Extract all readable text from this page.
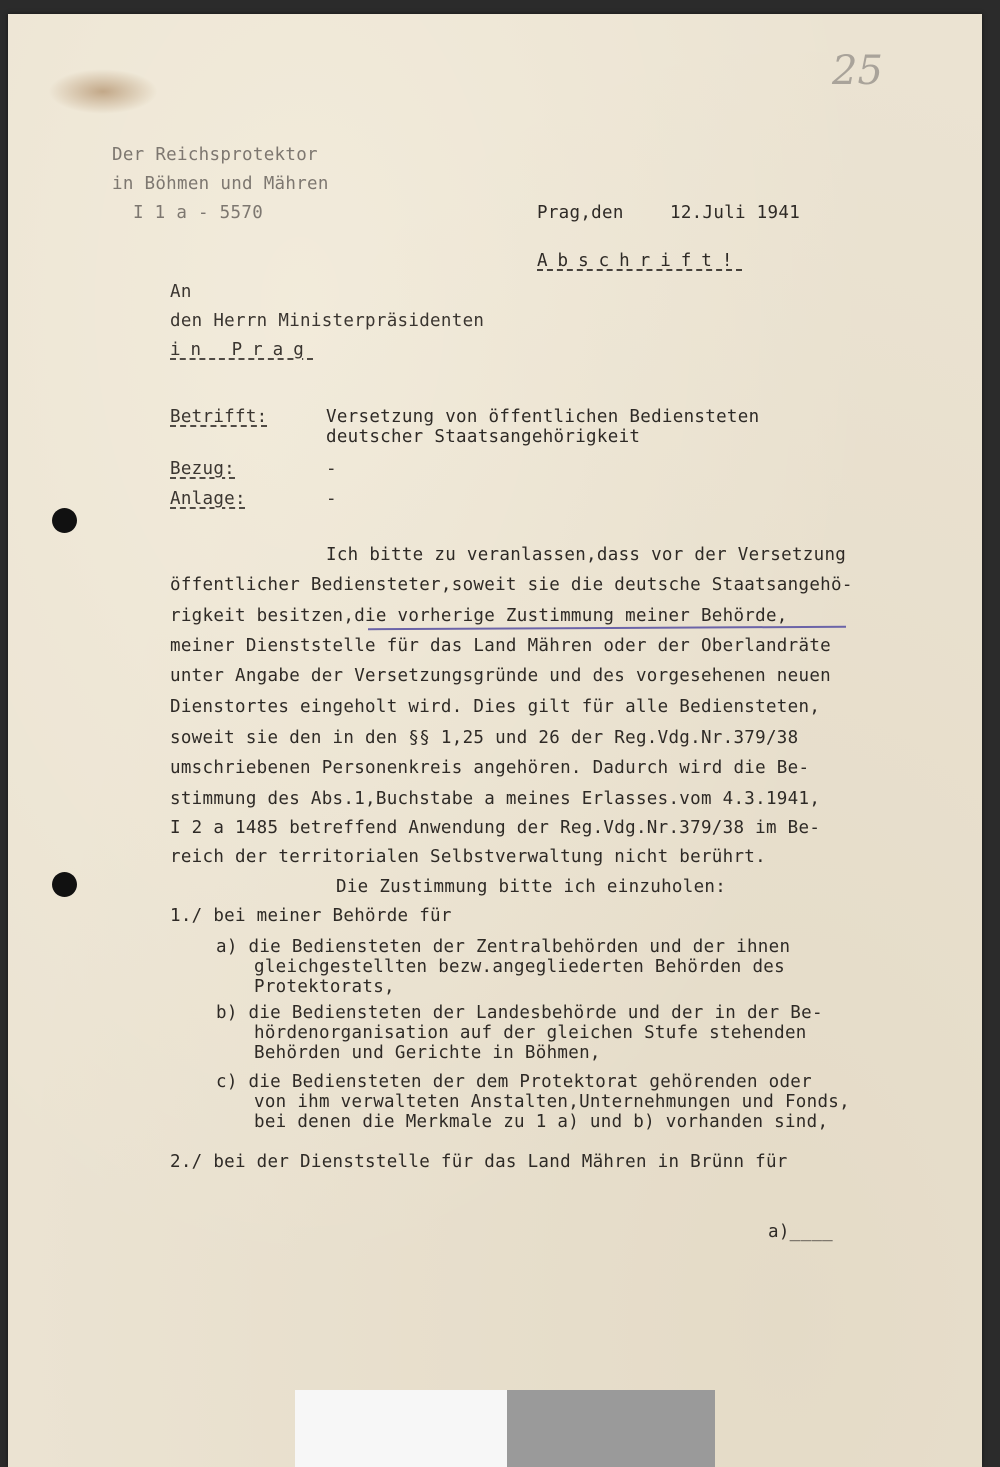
25
Der Reichsprotektor
in Böhmen und Mähren
I 1 a - 5570	Prag,den	12.Juli 1941
Abschrift!
An
den Herrn Ministerpräsidenten
in Prag
Betrifft:	Versetzung von öffentlichen Bediensteten
deutscher Staatsangehörigkeit
Bezug:	-
Anlage:	-
Ich bitte zu veranlassen,dass vor der Versetzung
öffentlicher Bediensteter,soweit sie die deutsche Staatsangehö-
rigkeit besitzen,die vorherige Zustimmung meiner Behörde,
meiner Dienststelle für das Land Mähren oder der Oberlandräte
unter Angabe der Versetzungsgründe und des vorgesehenen neuen
Dienstortes eingeholt wird. Dies gilt für alle Bediensteten,
soweit sie den in den §§ 1,25 und 26 der Reg.Vdg.Nr.379/38
umschriebenen Personenkreis angehören. Dadurch wird die Be-
stimmung des Abs.1,Buchstabe a meines Erlasses.vom 4.3.1941,
I 2 a 1485 betreffend Anwendung der Reg.Vdg.Nr.379/38 im Be-
reich der territorialen Selbstverwaltung nicht berührt.
Die Zustimmung bitte ich einzuholen:
1./ bei meiner Behörde für
a) die Bediensteten der Zentralbehörden und der ihnen
gleichgestellten bezw.angegliederten Behörden des
Protektorats,
b) die Bediensteten der Landesbehörde und der in der Be-
hördenorganisation auf der gleichen Stufe stehenden
Behörden und Gerichte in Böhmen,
c) die Bediensteten der dem Protektorat gehörenden oder
von ihm verwalteten Anstalten,Unternehmungen und Fonds,
bei denen die Merkmale zu 1 a) und b) vorhanden sind,
2./ bei der Dienststelle für das Land Mähren in Brünn für
a)____
